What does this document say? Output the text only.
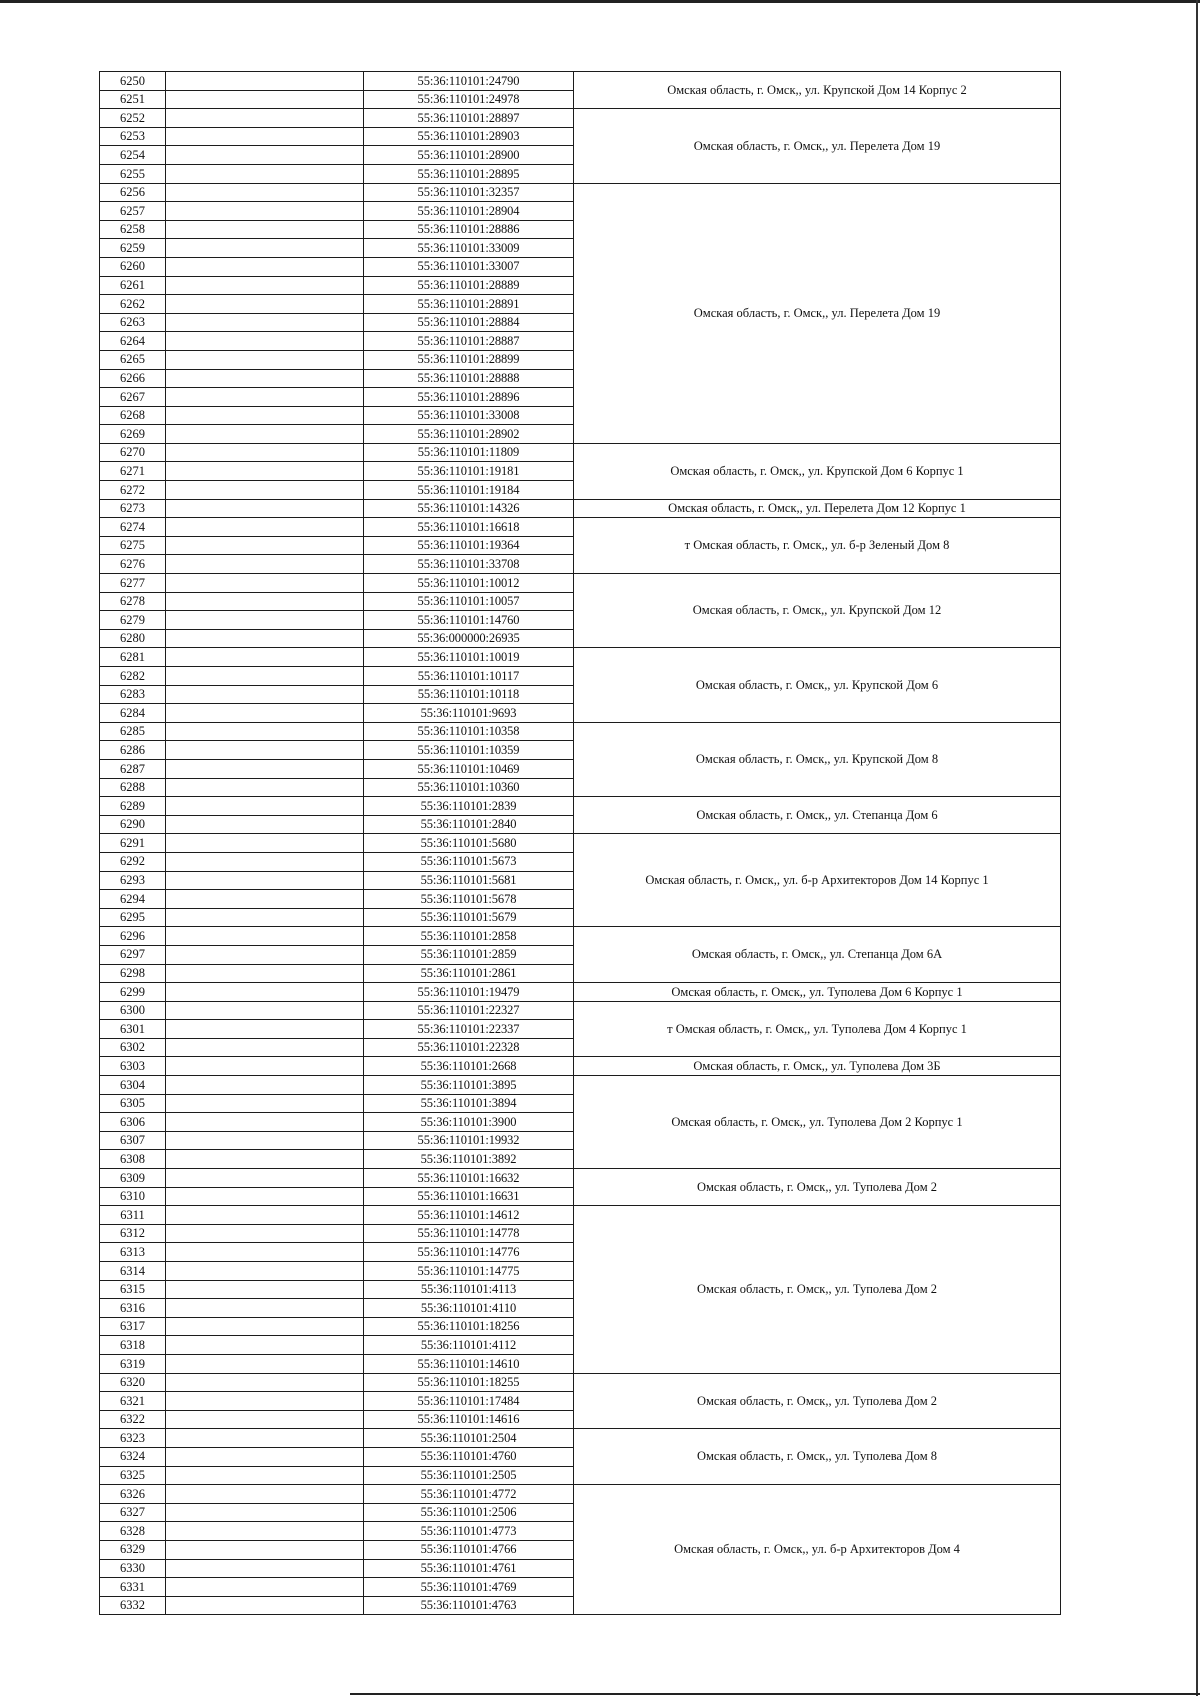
6250		55:36:110101:24790	Омская область, г. Омск,, ул. Крупской Дом 14 Корпус 2
6251		55:36:110101:24978	
6252		55:36:110101:28897	Омская область, г. Омск,, ул. Перелета Дом 19
6253		55:36:110101:28903	
6254		55:36:110101:28900	
6255		55:36:110101:28895	
6256		55:36:110101:32357	Омская область, г. Омск,, ул. Перелета Дом 19
6257		55:36:110101:28904	
6258		55:36:110101:28886	
6259		55:36:110101:33009	
6260		55:36:110101:33007	
6261		55:36:110101:28889	
6262		55:36:110101:28891	
6263		55:36:110101:28884	
6264		55:36:110101:28887	
6265		55:36:110101:28899	
6266		55:36:110101:28888	
6267		55:36:110101:28896	
6268		55:36:110101:33008	
6269		55:36:110101:28902	
6270		55:36:110101:11809	Омская область, г. Омск,, ул. Крупской Дом 6 Корпус 1
6271		55:36:110101:19181	
6272		55:36:110101:19184	
6273		55:36:110101:14326	Омская область, г. Омск,, ул. Перелета Дом 12 Корпус 1
6274		55:36:110101:16618	т Омская область, г. Омск,, ул. б-р Зеленый Дом 8
6275		55:36:110101:19364	
6276		55:36:110101:33708	
6277		55:36:110101:10012	Омская область, г. Омск,, ул. Крупской Дом 12
6278		55:36:110101:10057	
6279		55:36:110101:14760	
6280		55:36:000000:26935	
6281		55:36:110101:10019	Омская область, г. Омск,, ул. Крупской Дом 6
6282		55:36:110101:10117	
6283		55:36:110101:10118	
6284		55:36:110101:9693	
6285		55:36:110101:10358	Омская область, г. Омск,, ул. Крупской Дом 8
6286		55:36:110101:10359	
6287		55:36:110101:10469	
6288		55:36:110101:10360	
6289		55:36:110101:2839	Омская область, г. Омск,, ул. Степанца Дом 6
6290		55:36:110101:2840	
6291		55:36:110101:5680	Омская область, г. Омск,, ул. б-р Архитекторов Дом 14 Корпус 1
6292		55:36:110101:5673	
6293		55:36:110101:5681	
6294		55:36:110101:5678	
6295		55:36:110101:5679	
6296		55:36:110101:2858	Омская область, г. Омск,, ул. Степанца Дом 6А
6297		55:36:110101:2859	
6298		55:36:110101:2861	
6299		55:36:110101:19479	Омская область, г. Омск,, ул. Туполева Дом 6 Корпус 1
6300		55:36:110101:22327	т Омская область, г. Омск,, ул. Туполева Дом 4 Корпус 1
6301		55:36:110101:22337	
6302		55:36:110101:22328	
6303		55:36:110101:2668	Омская область, г. Омск,, ул. Туполева Дом 3Б
6304		55:36:110101:3895	Омская область, г. Омск,, ул. Туполева Дом 2 Корпус 1
6305		55:36:110101:3894	
6306		55:36:110101:3900	
6307		55:36:110101:19932	
6308		55:36:110101:3892	
6309		55:36:110101:16632	Омская область, г. Омск,, ул. Туполева Дом 2
6310		55:36:110101:16631	
6311		55:36:110101:14612	Омская область, г. Омск,, ул. Туполева Дом 2
6312		55:36:110101:14778	
6313		55:36:110101:14776	
6314		55:36:110101:14775	
6315		55:36:110101:4113	
6316		55:36:110101:4110	
6317		55:36:110101:18256	
6318		55:36:110101:4112	
6319		55:36:110101:14610	
6320		55:36:110101:18255	Омская область, г. Омск,, ул. Туполева Дом 2
6321		55:36:110101:17484	
6322		55:36:110101:14616	
6323		55:36:110101:2504	Омская область, г. Омск,, ул. Туполева Дом 8
6324		55:36:110101:4760	
6325		55:36:110101:2505	
6326		55:36:110101:4772	Омская область, г. Омск,, ул. б-р Архитекторов Дом 4
6327		55:36:110101:2506	
6328		55:36:110101:4773	
6329		55:36:110101:4766	
6330		55:36:110101:4761	
6331		55:36:110101:4769	
6332		55:36:110101:4763	
